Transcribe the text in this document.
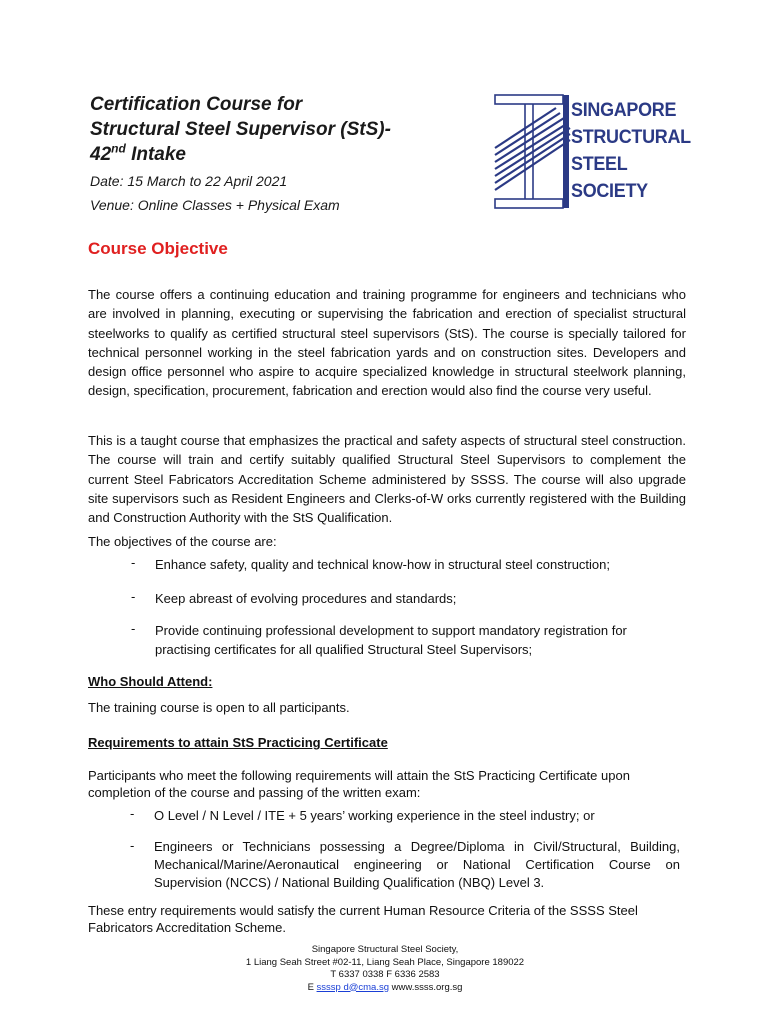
Certification Course for
Structural Steel Supervisor (StS)-
42nd Intake

Date: 15 March to 22 April 2021

Venue: Online Classes + Physical Exam

SINGAPORE
STRUCTURAL
STEEL
SOCIETY
Course Objective

The course offers a continuing education and training programme for engineers and technicians who are involved in planning, executing or supervising the fabrication and erection of specialist structural steelworks to qualify as certified structural steel supervisors (StS). The course is specially tailored for technical personnel working in the steel fabrication yards and on construction sites. Developers and design office personnel who aspire to acquire specialized knowledge in structural steelwork planning, design, specification, procurement, fabrication and erection would also find the course very useful.

This is a taught course that emphasizes the practical and safety aspects of structural steel construction. The course will train and certify suitably qualified Structural Steel Supervisors to complement the current Steel Fabricators Accreditation Scheme administered by SSSS. The course will also upgrade site supervisors such as Resident Engineers and Clerks-of-W orks currently registered with the Building and Construction Authority with the StS Qualification.

The objectives of the course are:

- Enhance safety, quality and technical know-how in structural steel construction;
- Keep abreast of evolving procedures and standards;
- Provide continuing professional development to support mandatory registration for practising certificates for all qualified Structural Steel Supervisors;
Who Should Attend:

The training course is open to all participants.

Requirements to attain StS Practicing Certificate

Participants who meet the following requirements will attain the StS Practicing Certificate upon completion of the course and passing of the written exam:

- O Level / N Level / ITE + 5 years’ working experience in the steel industry; or
- Engineers or Technicians possessing a Degree/Diploma in Civil/Structural, Building, Mechanical/Marine/Aeronautical engineering or National Certification Course on Supervision (NCCS) / National Building Qualification (NBQ) Level 3.

These entry requirements would satisfy the current Human Resource Criteria of the SSSS Steel Fabricators Accreditation Scheme.

Singapore Structural Steel Society,
1 Liang Seah Street #02-11, Liang Seah Place, Singapore 189022
T 6337 0338 F 6336 2583
E ssssp d@cma.sg www.ssss.org.sg
